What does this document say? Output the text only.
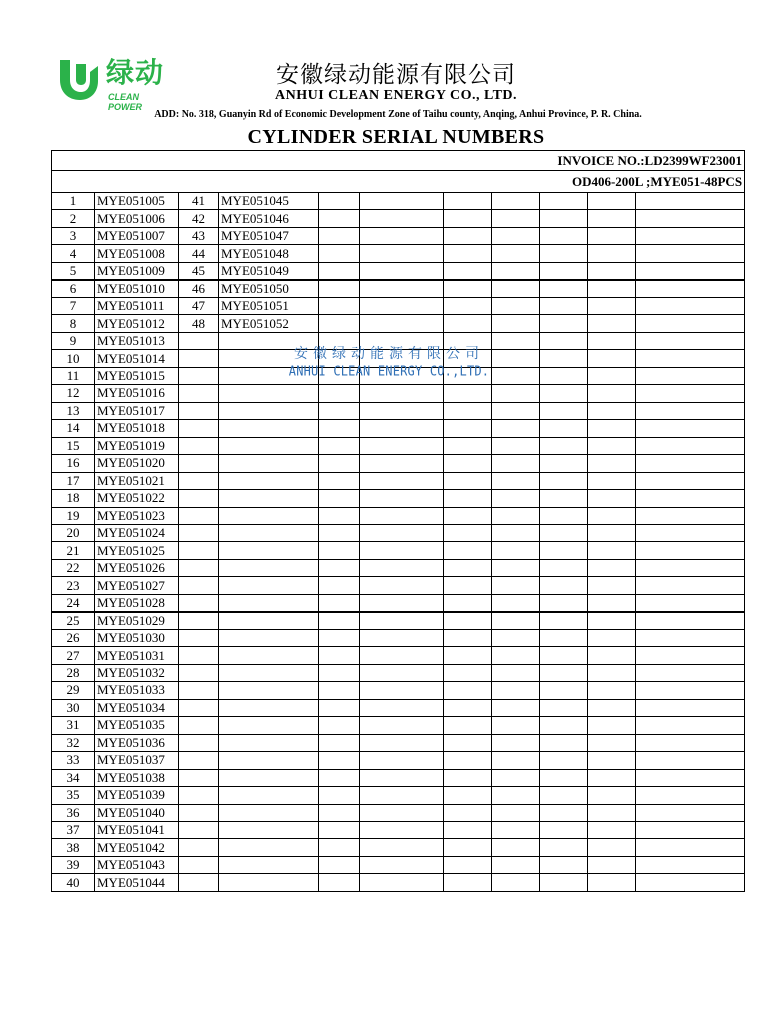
绿动
CLEAN POWER
安徽绿动能源有限公司
ANHUI CLEAN ENERGY CO., LTD.
ADD: No. 318, Guanyin Rd of Economic Development Zone of Taihu county, Anqing, Anhui Province, P. R. China.
CYLINDER SERIAL NUMBERS
INVOICE NO.:LD2399WF23001										
OD406-200L ;MYE051-48PCS										
1	MYE051005	41	MYE051045							
2	MYE051006	42	MYE051046							
3	MYE051007	43	MYE051047							
4	MYE051008	44	MYE051048							
5	MYE051009	45	MYE051049							
6	MYE051010	46	MYE051050							
7	MYE051011	47	MYE051051							
8	MYE051012	48	MYE051052							
9	MYE051013									
10	MYE051014									
11	MYE051015									
12	MYE051016									
13	MYE051017									
14	MYE051018									
15	MYE051019									
16	MYE051020									
17	MYE051021									
18	MYE051022									
19	MYE051023									
20	MYE051024									
21	MYE051025									
22	MYE051026									
23	MYE051027									
24	MYE051028									
25	MYE051029									
26	MYE051030									
27	MYE051031									
28	MYE051032									
29	MYE051033									
30	MYE051034									
31	MYE051035									
32	MYE051036									
33	MYE051037									
34	MYE051038									
35	MYE051039									
36	MYE051040									
37	MYE051041									
38	MYE051042									
39	MYE051043									
40	MYE051044									
安徽绿动能源有限公司
ANHUI CLEAN ENERGY CO.,LTD.
